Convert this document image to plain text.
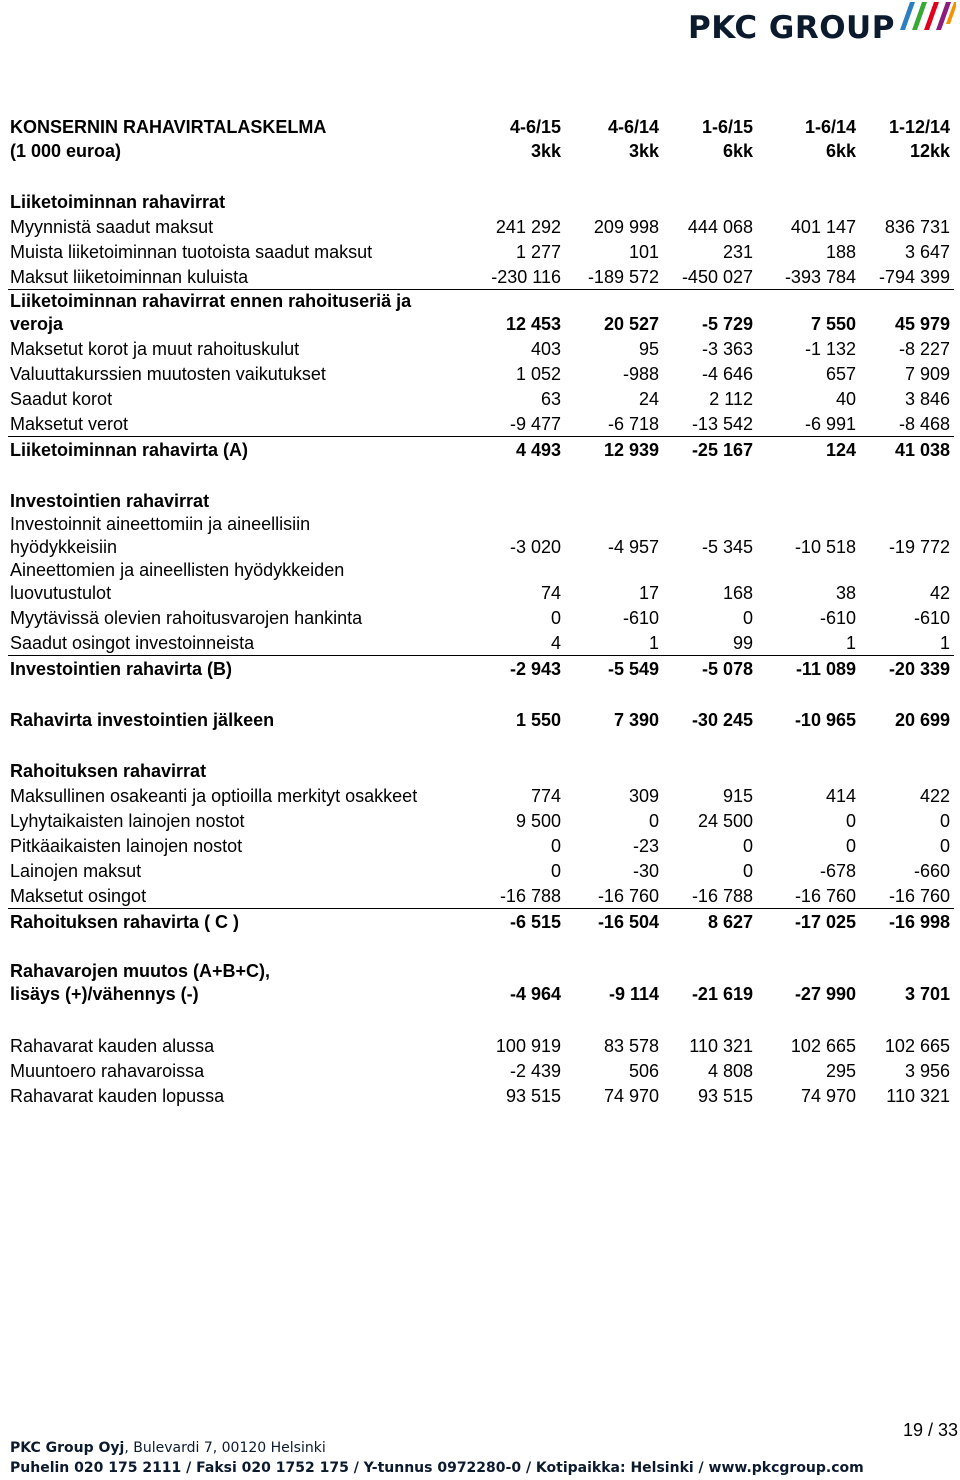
PKC GROUP
KONSERNIN RAHAVIRTALASKELMA	4-6/15	4-6/14	1-6/15	1-6/14	1-12/14
(1 000 euroa)	3kk	3kk	6kk	6kk	12kk

Liiketoiminnan rahavirrat					
Myynnistä saadut maksut	241 292	209 998	444 068	401 147	836 731
Muista liiketoiminnan tuotoista saadut maksut	1 277	101	231	188	3 647
Maksut liiketoiminnan kuluista	-230 116	-189 572	-450 027	-393 784	-794 399

Liiketoiminnan rahavirrat ennen rahoituseriä ja
veroja	12 453	20 527	-5 729	7 550	45 979
Maksetut korot ja muut rahoituskulut	403	95	-3 363	-1 132	-8 227
Valuuttakurssien muutosten vaikutukset	1 052	-988	-4 646	657	7 909
Saadut korot	63	24	2 112	40	3 846
Maksetut verot	-9 477	-6 718	-13 542	-6 991	-8 468
Liiketoiminnan rahavirta (A)	4 493	12 939	-25 167	124	41 038

Investointien rahavirrat					

Investoinnit aineettomiin ja aineellisiin
hyödykkeisiin	-3 020	-4 957	-5 345	-10 518	-19 772

Aineettomien ja aineellisten hyödykkeiden
luovutustulot	74	17	168	38	42
Myytävissä olevien rahoitusvarojen hankinta	0	-610	0	-610	-610
Saadut osingot investoinneista	4	1	99	1	1
Investointien rahavirta (B)	-2 943	-5 549	-5 078	-11 089	-20 339

Rahavirta investointien jälkeen	1 550	7 390	-30 245	-10 965	20 699

Rahoituksen rahavirrat					
Maksullinen osakeanti ja optioilla merkityt osakkeet	774	309	915	414	422
Lyhytaikaisten lainojen nostot	9 500	0	24 500	0	0
Pitkäaikaisten lainojen nostot	0	-23	0	0	0
Lainojen maksut	0	-30	0	-678	-660
Maksetut osingot	-16 788	-16 760	-16 788	-16 760	-16 760
Rahoituksen rahavirta ( C )	-6 515	-16 504	8 627	-17 025	-16 998

Rahavarojen muutos (A+B+C),
lisäys (+)/vähennys (-)	-4 964	-9 114	-21 619	-27 990	3 701

Rahavarat kauden alussa	100 919	83 578	110 321	102 665	102 665
Muuntoero rahavaroissa	-2 439	506	4 808	295	3 956
Rahavarat kauden lopussa	93 515	74 970	93 515	74 970	110 321
19 / 33
PKC Group Oyj, Bulevardi 7, 00120 Helsinki
Puhelin 020 175 2111 / Faksi 020 1752 175 / Y-tunnus 0972280-0 / Kotipaikka: Helsinki / www.pkcgroup.com
